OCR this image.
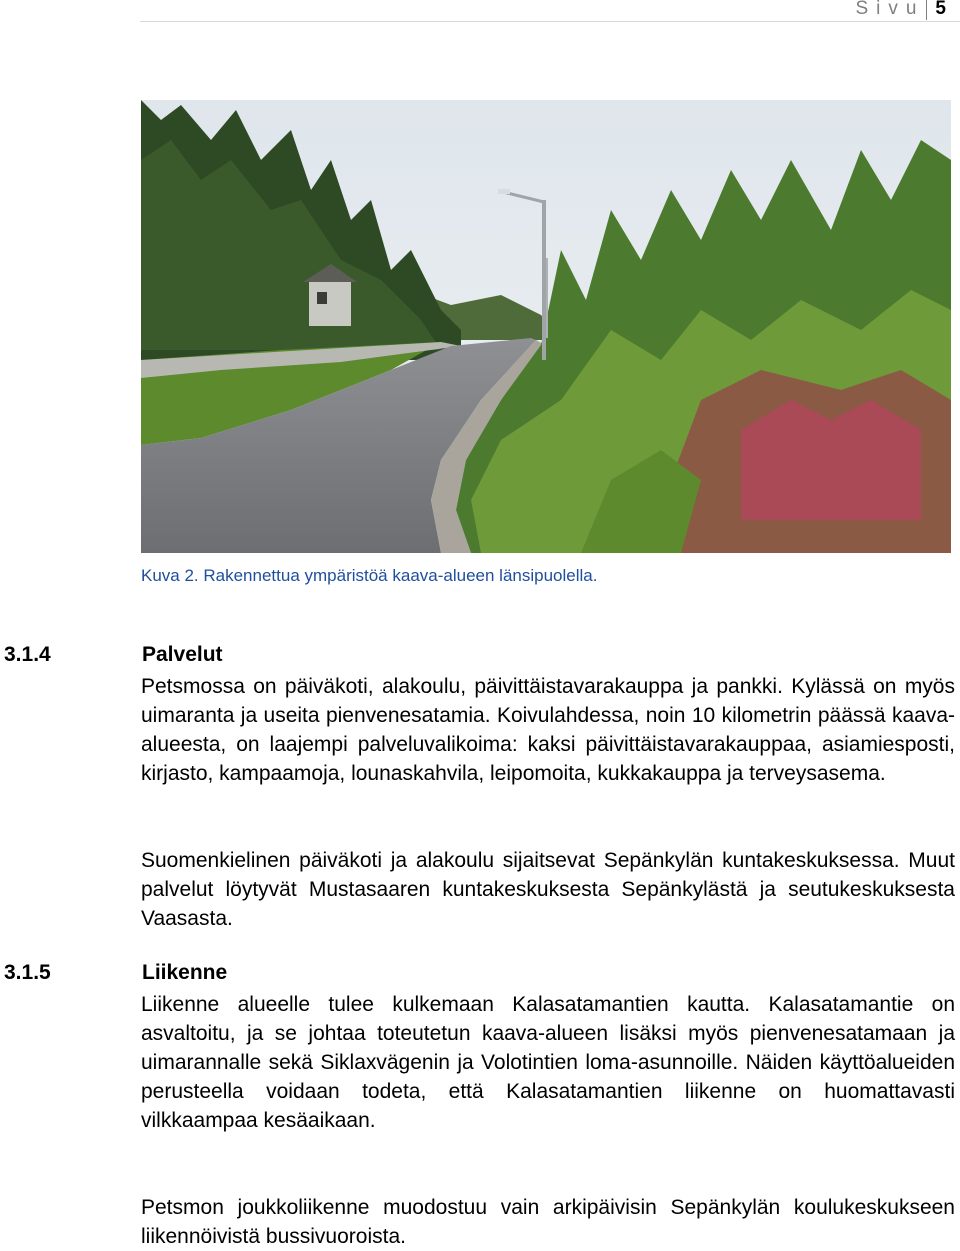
Sivu 5
Kuva 2. Rakennettua ympäristöä kaava-alueen länsipuolella.
3.1.4	Palvelut
Petsmossa on päiväkoti, alakoulu, päivittäistavarakauppa ja pankki. Kylässä on myös uimaranta ja useita pienvenesatamia. Koivulahdessa, noin 10 kilometrin päässä kaava-alueesta, on laajempi palveluvalikoima: kaksi päivittäistavarakauppaa, asiamiesposti, kirjasto, kampaamoja, lounaskahvila, leipomoita, kukkakauppa ja terveysasema.
Suomenkielinen päiväkoti ja alakoulu sijaitsevat Sepänkylän kuntakeskuksessa. Muut palvelut löytyvät Mustasaaren kuntakeskuksesta Sepänkylästä ja seutukeskuksesta Vaasasta.
3.1.5	Liikenne
Liikenne alueelle tulee kulkemaan Kalasatamantien kautta. Kalasatamantie on asvaltoitu, ja se johtaa toteutetun kaava-alueen lisäksi myös pienvenesatamaan ja uimarannalle sekä Siklaxvägenin ja Volotintien loma-asunnoille. Näiden käyttöalueiden perusteella voidaan todeta, että Kalasatamantien liikenne on huomattavasti vilkkaampaa kesäaikaan.
Petsmon joukkoliikenne muodostuu vain arkipäivisin Sepänkylän koulukeskukseen liikennöivistä bussivuoroista.
